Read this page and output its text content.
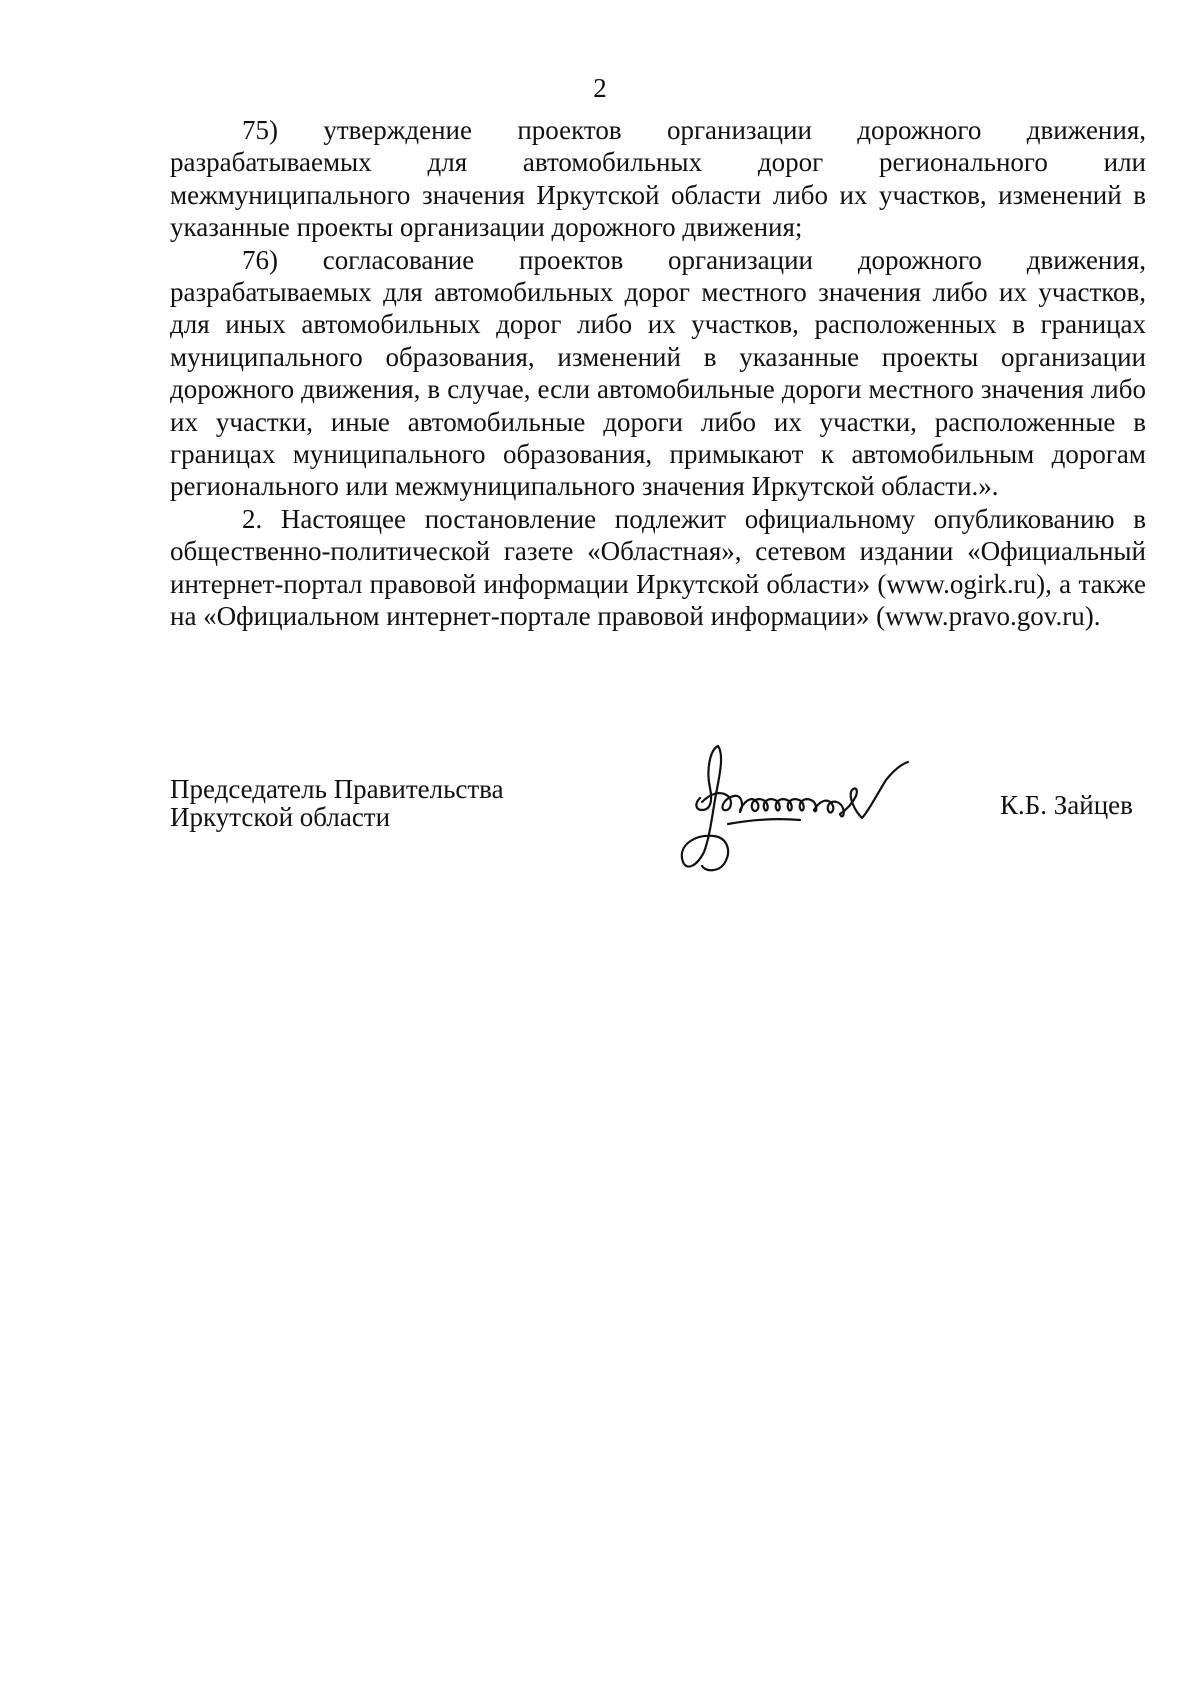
2

75) утверждение проектов организации дорожного движения, разрабатываемых для автомобильных дорог регионального или межмуниципального значения Иркутской области либо их участков, изменений в указанные проекты организации дорожного движения;

76) согласование проектов организации дорожного движения, разрабатываемых для автомобильных дорог местного значения либо их участков, для иных автомобильных дорог либо их участков, расположенных в границах муниципального образования, изменений в указанные проекты организации дорожного движения, в случае, если автомобильные дороги местного значения либо их участки, иные автомобильные дороги либо их участки, расположенные в границах муниципального образования, примыкают к автомобильным дорогам регионального или межмуниципального значения Иркутской области.».

2. Настоящее постановление подлежит официальному опубликованию в общественно-политической газете «Областная», сетевом издании «Официальный интернет-портал правовой информации Иркутской области» (www.ogirk.ru), а также на «Официальном интернет-портале правовой информации» (www.pravo.gov.ru).

Председатель Правительства
Иркутской области	К.Б. Зайцев
